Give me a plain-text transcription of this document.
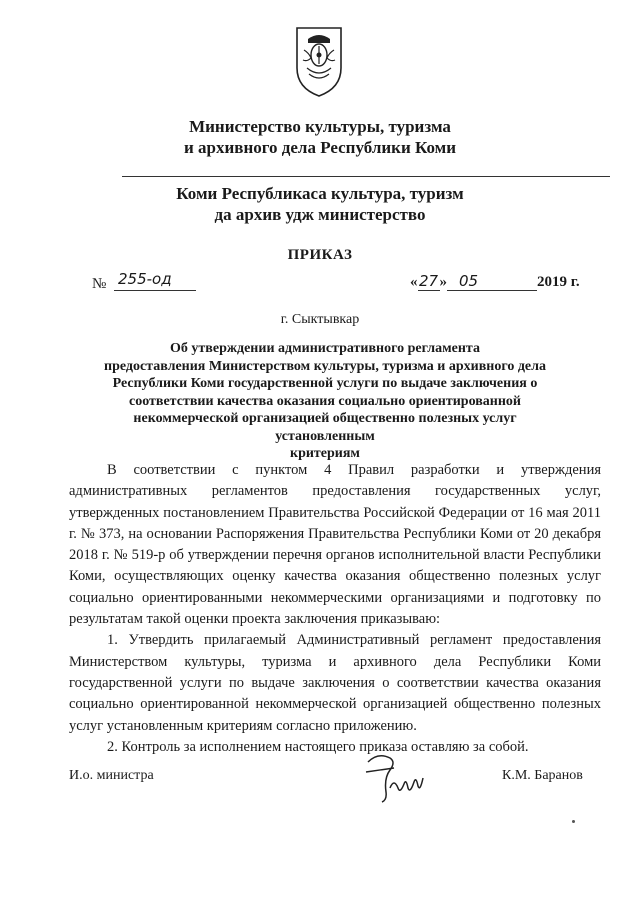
Министерство культуры, туризма
и архивного дела Республики Коми
Коми Республикаса культура, туризм
да архив удж министерство
ПРИКАЗ
№ 255-од	«27» 05	2019 г.
г. Сыктывкар
Об утверждении административного регламента
предоставления Министерством культуры, туризма и архивного дела
Республики Коми государственной услуги по выдаче заключения о
соответствии качества оказания социально ориентированной
некоммерческой организацией общественно полезных услуг установленным
критериям

В соответствии с пунктом 4 Правил разработки и утверждения административных регламентов предоставления государственных услуг, утвержденных постановлением Правительства Российской Федерации от 16 мая 2011 г. № 373, на основании Распоряжения Правительства Республики Коми от 20 декабря 2018 г. № 519-р об утверждении перечня органов исполнительной власти Республики Коми, осуществляющих оценку качества оказания общественно полезных услуг социально ориентированными некоммерческими организациями и подготовку по результатам такой оценки проекта заключения приказываю:

1. Утвердить прилагаемый Административный регламент предоставления Министерством культуры, туризма и архивного дела Республики Коми государственной услуги по выдаче заключения о соответствии качества оказания социально ориентированной некоммерческой организацией общественно полезных услуг установленным критериям согласно приложению.

2. Контроль за исполнением настоящего приказа оставляю за собой.

И.о. министра	К.М. Баранов
